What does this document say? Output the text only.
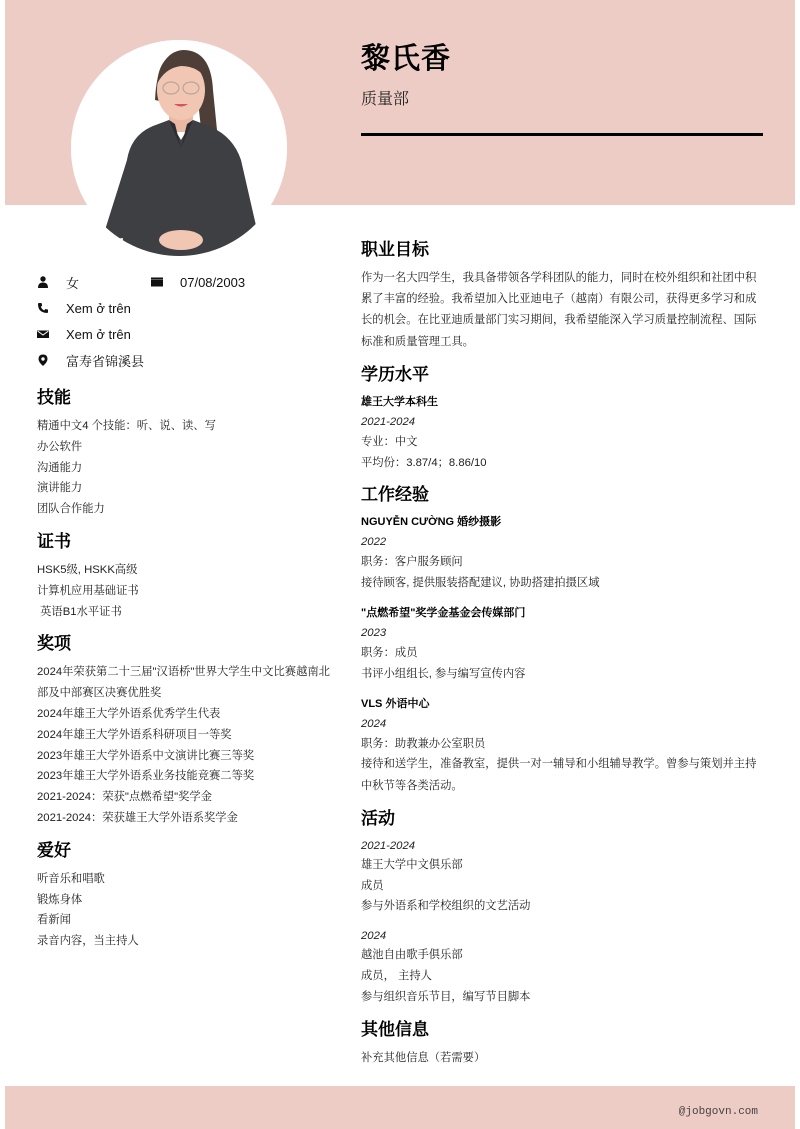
黎氏香
质量部
女	07/08/2003
Xem ở trên
Xem ở trên
富寿省锦溪县
技能
精通中文4 个技能：听、说、读、写
办公软件
沟通能力
演讲能力
团队合作能力
证书
HSK5级, HSKK高级
计算机应用基础证书
英语B1水平证书
奖项
2024年荣获第二十三届"汉语桥"世界大学生中文比赛越南北部及中部赛区决赛优胜奖
2024年雄王大学外语系优秀学生代表
2024年雄王大学外语系科研项目一等奖
2023年雄王大学外语系中文演讲比赛三等奖
2023年雄王大学外语系业务技能竞赛二等奖
2021-2024：荣获"点燃希望"奖学金
2021-2024：荣获雄王大学外语系奖学金
爱好
听音乐和唱歌
锻炼身体
看新闻
录音内容，当主持人
职业目标
作为一名大四学生，我具备带领各学科团队的能力，同时在校外组织和社团中积累了丰富的经验。我希望加入比亚迪电子（越南）有限公司，获得更多学习和成长的机会。在比亚迪质量部门实习期间，我希望能深入学习质量控制流程、国际标准和质量管理工具。
学历水平
雄王大学本科生
2021-2024
专业：中文
平均份：3.87/4；8.86/10
工作经验
NGUYỄN CƯỜNG 婚纱摄影
2022
职务：客户服务顾问
接待顾客, 提供服装搭配建议, 协助搭建拍摄区域
"点燃希望"奖学金基金会传媒部门
2023
职务：成员
书评小组组长, 参与编写宣传内容
VLS 外语中心
2024
职务：助教兼办公室职员
接待和送学生，准备教室，提供一对一辅导和小组辅导教学。曾参与策划并主持中秋节等各类活动。
活动
2021-2024
雄王大学中文俱乐部
成员
参与外语系和学校组织的文艺活动
2024
越池自由歌手俱乐部
成员， 主持人
参与组织音乐节目，编写节目脚本
其他信息
补充其他信息（若需要）
@jobgovn.com
